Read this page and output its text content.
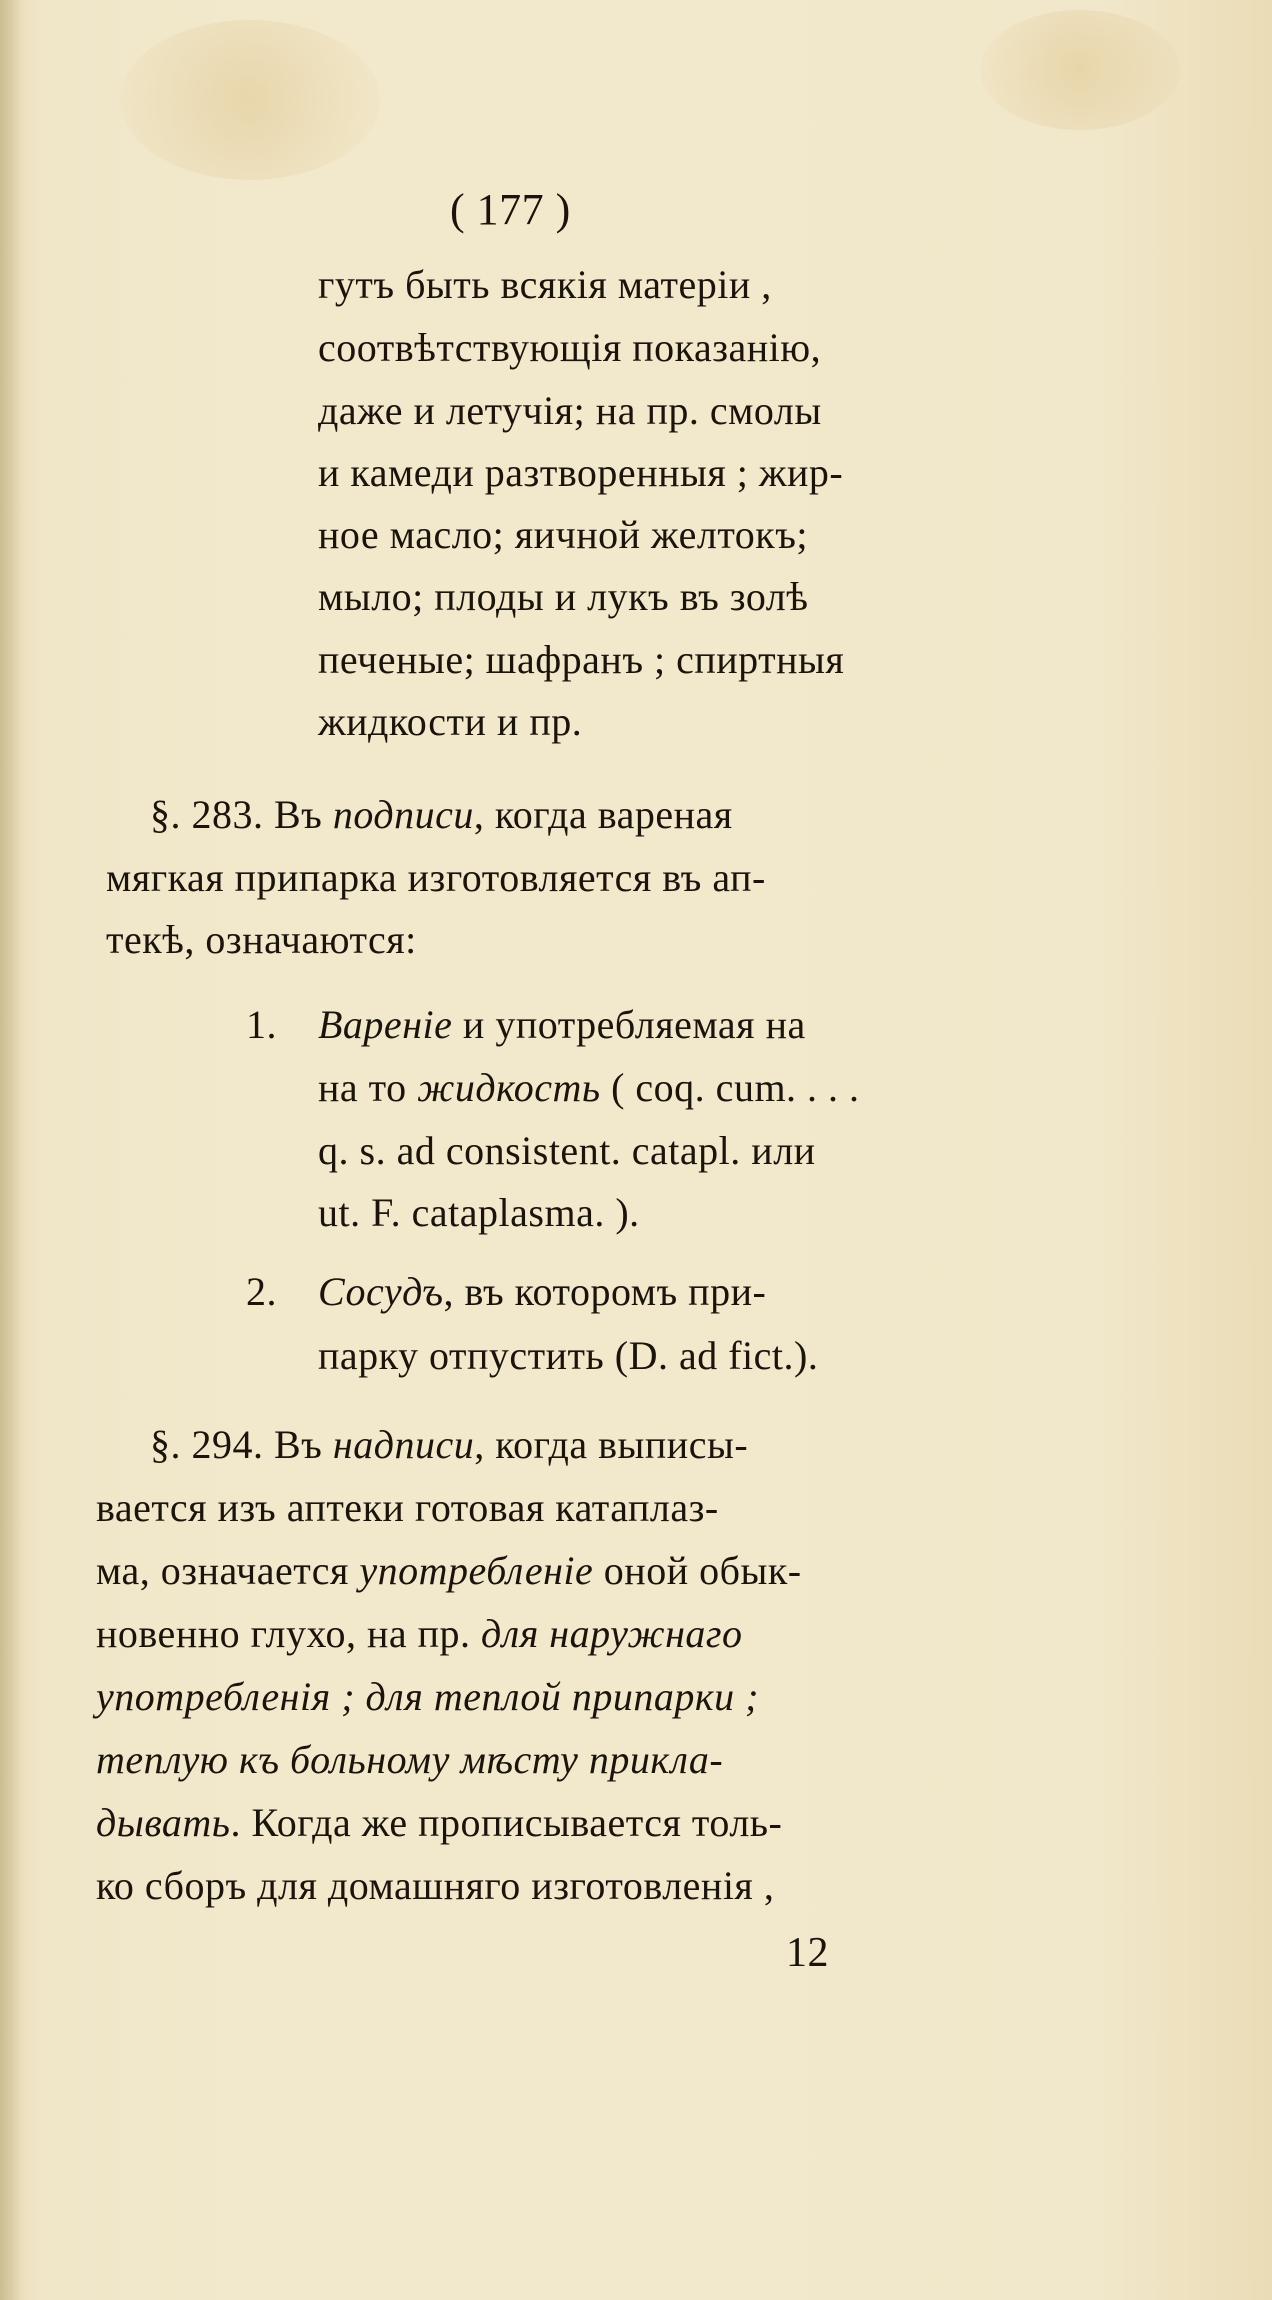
( 177 )
гутъ быть всякія матеріи ,
соотвѣтствующія показанію,
даже и летучія; на пр. смолы
и камеди разтворенныя ; жир-
ное масло; яичной желтокъ;
мыло; плоды и лукъ въ золѣ
печеные; шафранъ ; спиртныя
жидкости и пр.
§. 283. Въ подписи, когда вареная
мягкая припарка изготовляется въ ап-
текѣ, означаются:
1. Вареніе и употребляемая на
на то жидкость ( coq. cum. . . .
q. s. ad consistent. catapl. или
ut. F. cataplasma. ).
2. Сосудъ, въ которомъ при-
парку отпустить (D. ad fict.).
§. 294. Въ надписи, когда выписы-
вается изъ аптеки готовая катаплаз-
ма, означается употребленіе оной обык-
новенно глухо, на пр. для наружнаго
употребленія ; для теплой припарки ;
теплую къ больному мѣсту прикла-
дывать. Когда же прописывается толь-
ко сборъ для домашняго изготовленія ,
12
